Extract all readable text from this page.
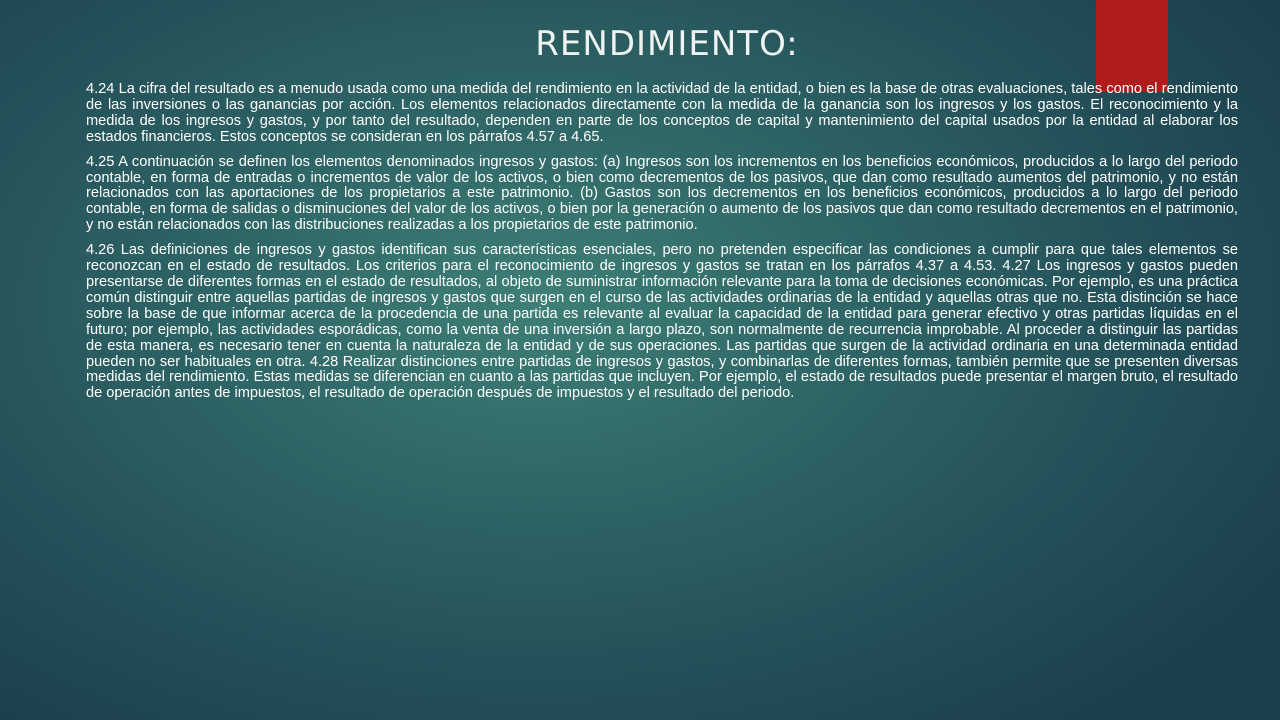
RENDIMIENTO:

4.24 La cifra del resultado es a menudo usada como una medida del rendimiento en la actividad de la entidad, o bien es la base de otras evaluaciones, tales como el rendimiento de las inversiones o las ganancias por acción. Los elementos relacionados directamente con la medida de la ganancia son los ingresos y los gastos. El reconocimiento y la medida de los ingresos y gastos, y por tanto del resultado, dependen en parte de los conceptos de capital y mantenimiento del capital usados por la entidad al elaborar los estados financieros. Estos conceptos se consideran en los párrafos 4.57 a 4.65.

4.25 A continuación se definen los elementos denominados ingresos y gastos: (a) Ingresos son los incrementos en los beneficios económicos, producidos a lo largo del periodo contable, en forma de entradas o incrementos de valor de los activos, o bien como decrementos de los pasivos, que dan como resultado aumentos del patrimonio, y no están relacionados con las aportaciones de los propietarios a este patrimonio. (b) Gastos son los decrementos en los beneficios económicos, producidos a lo largo del periodo contable, en forma de salidas o disminuciones del valor de los activos, o bien por la generación o aumento de los pasivos que dan como resultado decrementos en el patrimonio, y no están relacionados con las distribuciones realizadas a los propietarios de este patrimonio.

4.26 Las definiciones de ingresos y gastos identifican sus características esenciales, pero no pretenden especificar las condiciones a cumplir para que tales elementos se reconozcan en el estado de resultados. Los criterios para el reconocimiento de ingresos y gastos se tratan en los párrafos 4.37 a 4.53. 4.27 Los ingresos y gastos pueden presentarse de diferentes formas en el estado de resultados, al objeto de suministrar información relevante para la toma de decisiones económicas. Por ejemplo, es una práctica común distinguir entre aquellas partidas de ingresos y gastos que surgen en el curso de las actividades ordinarias de la entidad y aquellas otras que no. Esta distinción se hace sobre la base de que informar acerca de la procedencia de una partida es relevante al evaluar la capacidad de la entidad para generar efectivo y otras partidas líquidas en el futuro; por ejemplo, las actividades esporádicas, como la venta de una inversión a largo plazo, son normalmente de recurrencia improbable. Al proceder a distinguir las partidas de esta manera, es necesario tener en cuenta la naturaleza de la entidad y de sus operaciones. Las partidas que surgen de la actividad ordinaria en una determinada entidad pueden no ser habituales en otra. 4.28 Realizar distinciones entre partidas de ingresos y gastos, y combinarlas de diferentes formas, también permite que se presenten diversas medidas del rendimiento. Estas medidas se diferencian en cuanto a las partidas que incluyen. Por ejemplo, el estado de resultados puede presentar el margen bruto, el resultado de operación antes de impuestos, el resultado de operación después de impuestos y el resultado del periodo.
